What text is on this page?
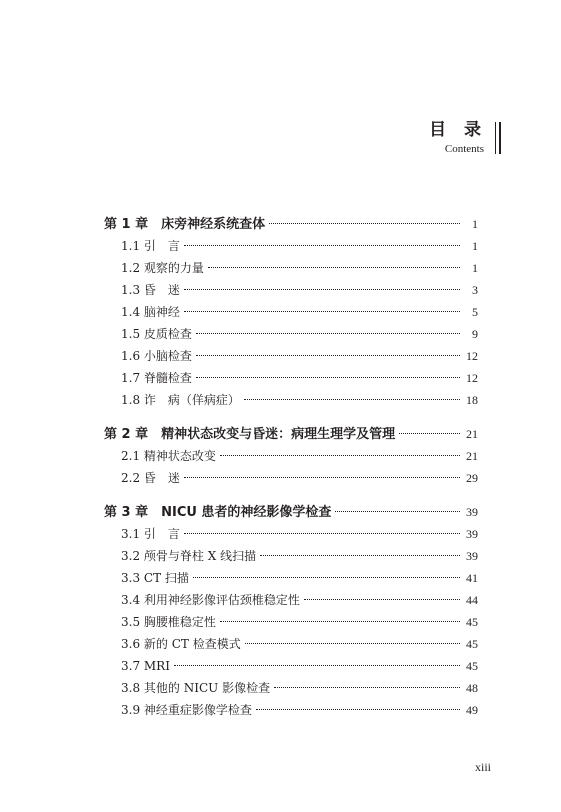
目 录
Contents
第 1 章　床旁神经系统查体	1
1.1 引　言	1
1.2 观察的力量	1
1.3 昏　迷	3
1.4 脑神经	5
1.5 皮质检查	9
1.6 小脑检查	12
1.7 脊髓检查	12
1.8 诈　病（佯病症）	18
第 2 章　精神状态改变与昏迷：病理生理学及管理	21
2.1 精神状态改变	21
2.2 昏　迷	29
第 3 章　NICU 患者的神经影像学检查	39
3.1 引　言	39
3.2 颅骨与脊柱 X 线扫描	39
3.3 CT 扫描	41
3.4 利用神经影像评估颈椎稳定性	44
3.5 胸腰椎稳定性	45
3.6 新的 CT 检查模式	45
3.7 MRI	45
3.8 其他的 NICU 影像检查	48
3.9 神经重症影像学检查	49
xiii
